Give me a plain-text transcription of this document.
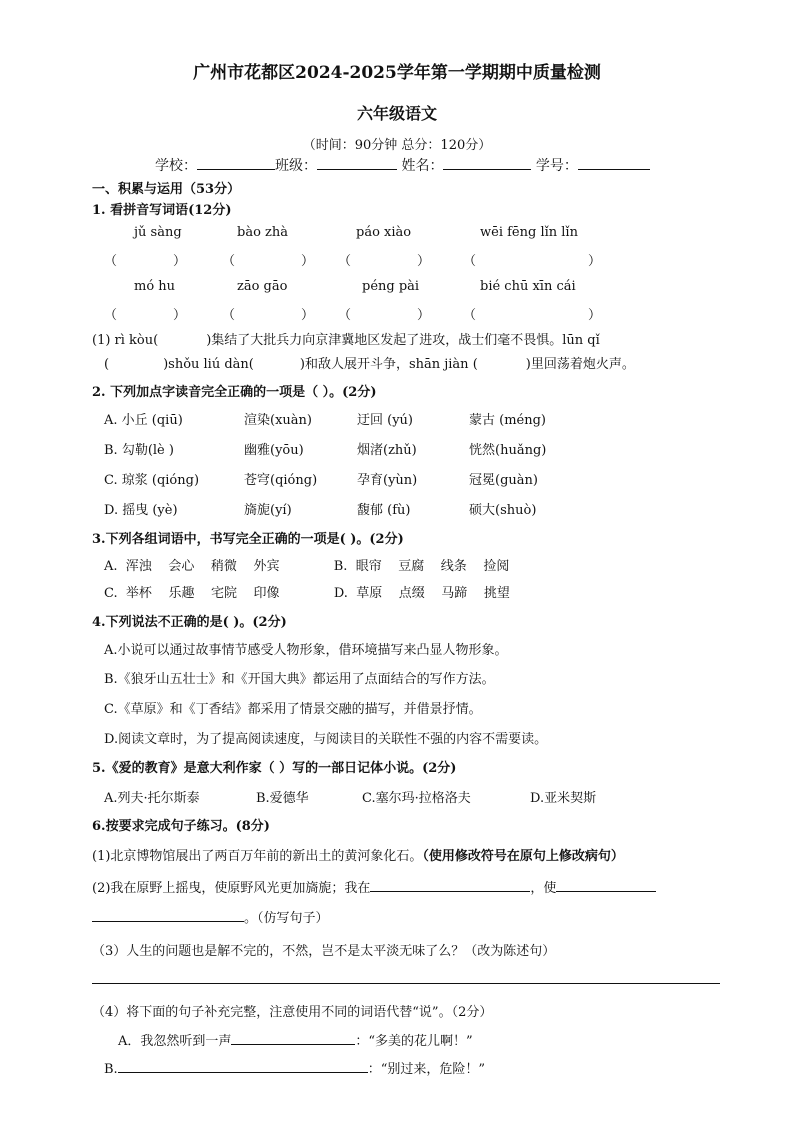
广州市花都区2024-2025学年第一学期期中质量检测
六年级语文
（时间：90分钟 总分：120分）
学校：	班级：	姓名：	学号：
一、积累与运用（53分）
1. 看拼音写词语(12分)
jǔ sàng	bào zhà	páo xiào	wēi fēng lǐn lǐn
（	）	（	） （	）	（	）
mó hu	zāo gāo	péng pài	bié chū xīn cái
（	）	（	） （	）	（	）
(1) rì kòu(	)集结了大批兵力向京津冀地区发起了进攻，战士们毫不畏惧。lūn qǐ
(	)shǒu liú dàn(	)和敌人展开斗争，shān jiàn (	)里回荡着炮火声。
2. 下列加点字读音完全正确的一项是（ ）。(2分)
A. 小丘 (qiū)	渲染(xuàn)	迂回 (yú)	蒙古 (méng)
B. 勾勒(lè )	幽雅(yōu)	烟渚(zhǔ)	恍然(huǎng)
C. 琼浆 (qióng)	苍穹(qióng)	孕育(yùn)	冠冕(guàn)
D. 摇曳 (yè)	旖旎(yí)	馥郁 (fù)	硕大(shuò)
3.下列各组词语中，书写完全正确的一项是( )。(2分)
A. 浑浊 会心 稍微 外宾	B. 眼帘 豆腐 线条 捡阅
C. 举杯 乐趣 宅院 印像	D. 草原 点缀 马蹄 挑望
4.下列说法不正确的是( )。(2分)
A.小说可以通过故事情节感受人物形象，借环境描写来凸显人物形象。
B.《狼牙山五壮士》和《开国大典》都运用了点面结合的写作方法。
C.《草原》和《丁香结》都采用了情景交融的描写，并借景抒情。
D.阅读文章时，为了提高阅读速度，与阅读目的关联性不强的内容不需要读。
5.《爱的教育》是意大利作家（ ）写的一部日记体小说。(2分)
A.列夫·托尔斯泰	B.爱德华	C.塞尔玛·拉格洛夫	D.亚米契斯
6.按要求完成句子练习。(8分)
(1)北京博物馆展出了两百万年前的新出土的黄河象化石。（使用修改符号在原句上修改病句）
(2)我在原野上摇曳，使原野风光更加旖旎；我在	，使
。（仿写句子）
（3）人生的问题也是解不完的，不然，岂不是太平淡无味了么？（改为陈述句）
（4）将下面的句子补充完整，注意使用不同的词语代替“说”。（2分）
A．我忽然听到一声	：“多美的花儿啊！”
B.	：“别过来，危险！”
